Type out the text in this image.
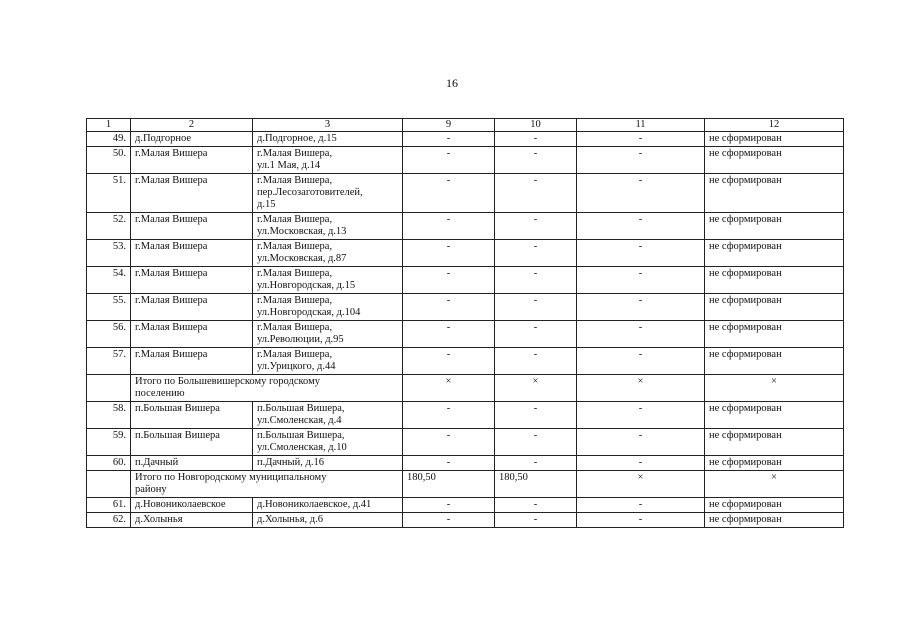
16
1	2	3	9	10	11	12
49.	д.Подгорное	д.Подгорное, д.15	-	-	-	не сформирован
50.	г.Малая Вишера	г.Малая Вишера,
ул.1 Мая, д.14	-	-	-	не сформирован
51.	г.Малая Вишера	г.Малая Вишера,
пер.Лесозаготовителей,
д.15	-	-	-	не сформирован
52.	г.Малая Вишера	г.Малая Вишера,
ул.Московская, д.13	-	-	-	не сформирован
53.	г.Малая Вишера	г.Малая Вишера,
ул.Московская, д.87	-	-	-	не сформирован
54.	г.Малая Вишера	г.Малая Вишера,
ул.Новгородская, д.15	-	-	-	не сформирован
55.	г.Малая Вишера	г.Малая Вишера,
ул.Новгородская, д.104	-	-	-	не сформирован
56.	г.Малая Вишера	г.Малая Вишера,
ул.Революции, д.95	-	-	-	не сформирован
57.	г.Малая Вишера	г.Малая Вишера,
ул.Урицкого, д.44	-	-	-	не сформирован
	Итого по Большевишерскому городскому
поселению		×	×	×	×
58.	п.Большая Вишера	п.Большая Вишера,
ул.Смоленская, д.4	-	-	-	не сформирован
59.	п.Большая Вишера	п.Большая Вишера,
ул.Смоленская, д.10	-	-	-	не сформирован
60.	п.Дачный	п.Дачный, д.16	-	-	-	не сформирован
	Итого по Новгородскому муниципальному
району		180,50	180,50	×	×
61.	д.Новониколаевское	д.Новониколаевское, д.41	-	-	-	не сформирован
62.	д.Холынья	д.Холынья, д.6	-	-	-	не сформирован
